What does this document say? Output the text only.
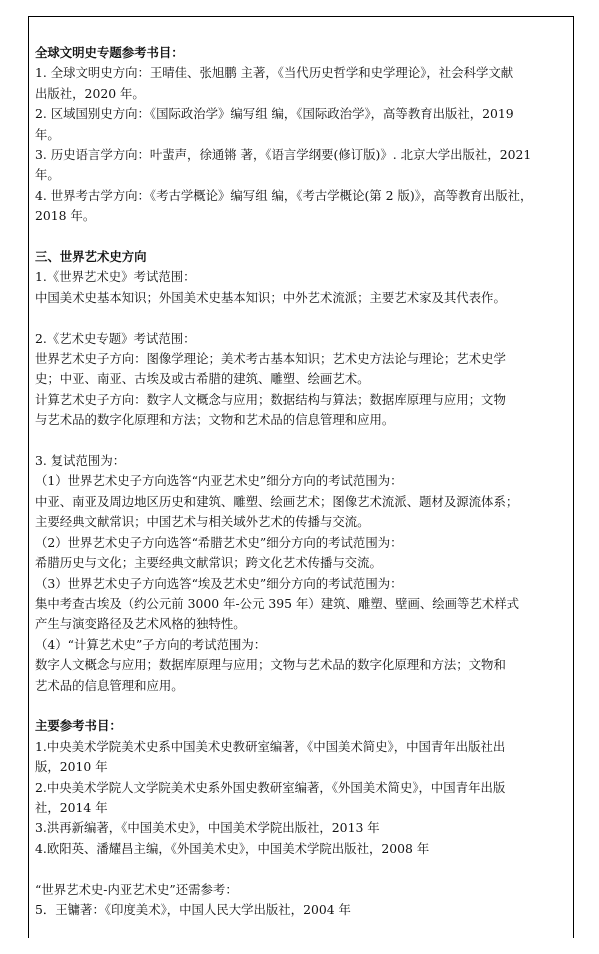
全球文明史专题参考书目：

1. 全球文明史方向：王晴佳、张旭鹏 主著，《当代历史哲学和史学理论》，社会科学文献

出版社，2020 年。

2. 区域国别史方向：《国际政治学》编写组 编，《国际政治学》，高等教育出版社，2019

年。

3. 历史语言学方向：叶蜚声，徐通锵 著，《语言学纲要(修订版)》. 北京大学出版社，2021

年。

4. 世界考古学方向：《考古学概论》编写组 编，《考古学概论(第 2 版)》，高等教育出版社，

2018 年。

三、世界艺术史方向

1.《世界艺术史》考试范围：

中国美术史基本知识；外国美术史基本知识；中外艺术流派；主要艺术家及其代表作。

2.《艺术史专题》考试范围：

世界艺术史子方向：图像学理论；美术考古基本知识；艺术史方法论与理论；艺术史学

史；中亚、南亚、古埃及或古希腊的建筑、雕塑、绘画艺术。

计算艺术史子方向：数字人文概念与应用；数据结构与算法；数据库原理与应用；文物

与艺术品的数字化原理和方法；文物和艺术品的信息管理和应用。

3. 复试范围为：

（1）世界艺术史子方向选答“内亚艺术史”细分方向的考试范围为：

中亚、南亚及周边地区历史和建筑、雕塑、绘画艺术；图像艺术流派、题材及源流体系；

主要经典文献常识；中国艺术与相关域外艺术的传播与交流。

（2）世界艺术史子方向选答“希腊艺术史”细分方向的考试范围为：

希腊历史与文化；主要经典文献常识；跨文化艺术传播与交流。

（3）世界艺术史子方向选答“埃及艺术史”细分方向的考试范围为：

集中考查古埃及（约公元前 3000 年-公元 395 年）建筑、雕塑、壁画、绘画等艺术样式

产生与演变路径及艺术风格的独特性。

（4）“计算艺术史”子方向的考试范围为：

数字人文概念与应用；数据库原理与应用；文物与艺术品的数字化原理和方法；文物和

艺术品的信息管理和应用。

主要参考书目：

1.中央美术学院美术史系中国美术史教研室编著，《中国美术简史》，中国青年出版社出

版，2010 年

2.中央美术学院人文学院美术史系外国史教研室编著，《外国美术简史》，中国青年出版

社，2014 年

3.洪再新编著，《中国美术史》，中国美术学院出版社，2013 年

4.欧阳英、潘耀昌主编，《外国美术史》，中国美术学院出版社，2008 年

“世界艺术史-内亚艺术史”还需参考：

5．王镛著：《印度美术》，中国人民大学出版社，2004 年
